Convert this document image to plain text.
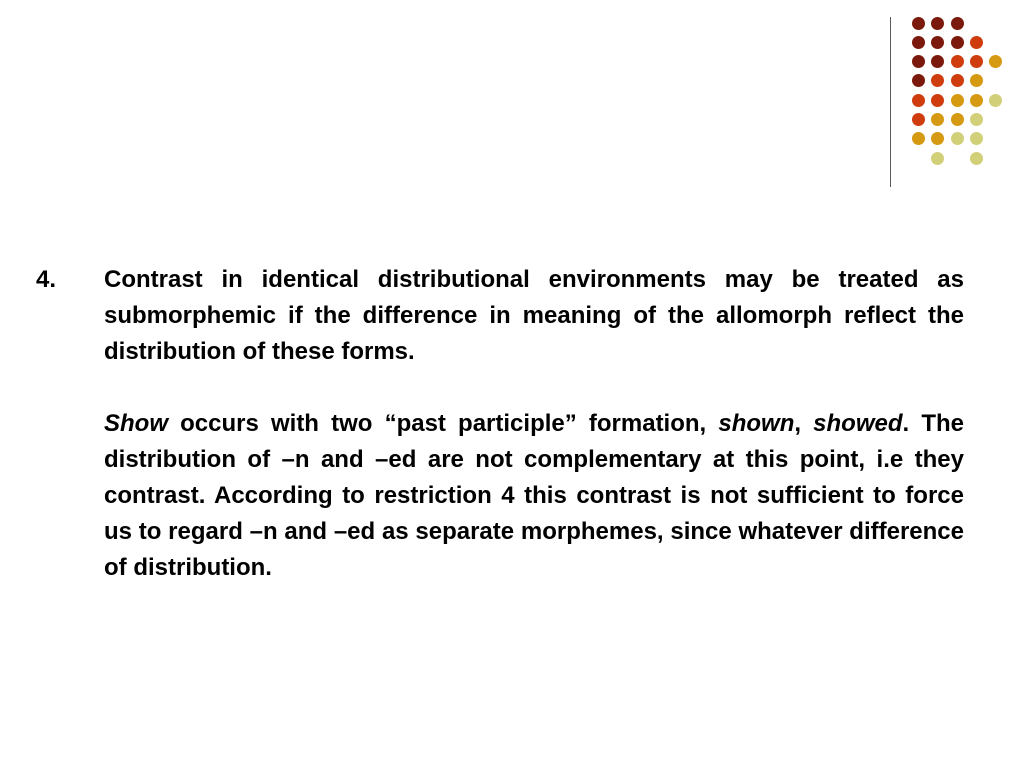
4.	Contrast in identical distributional environments may be treated as submorphemic if the difference in meaning of the allomorph reflect the distribution of these forms.
Show occurs with two “past participle” formation, shown, showed. The distribution of –n and –ed are not complementary at this point, i.e they contrast. According to restriction 4 this contrast is not sufficient to force us to regard –n and –ed as separate morphemes, since whatever difference of distribution.
